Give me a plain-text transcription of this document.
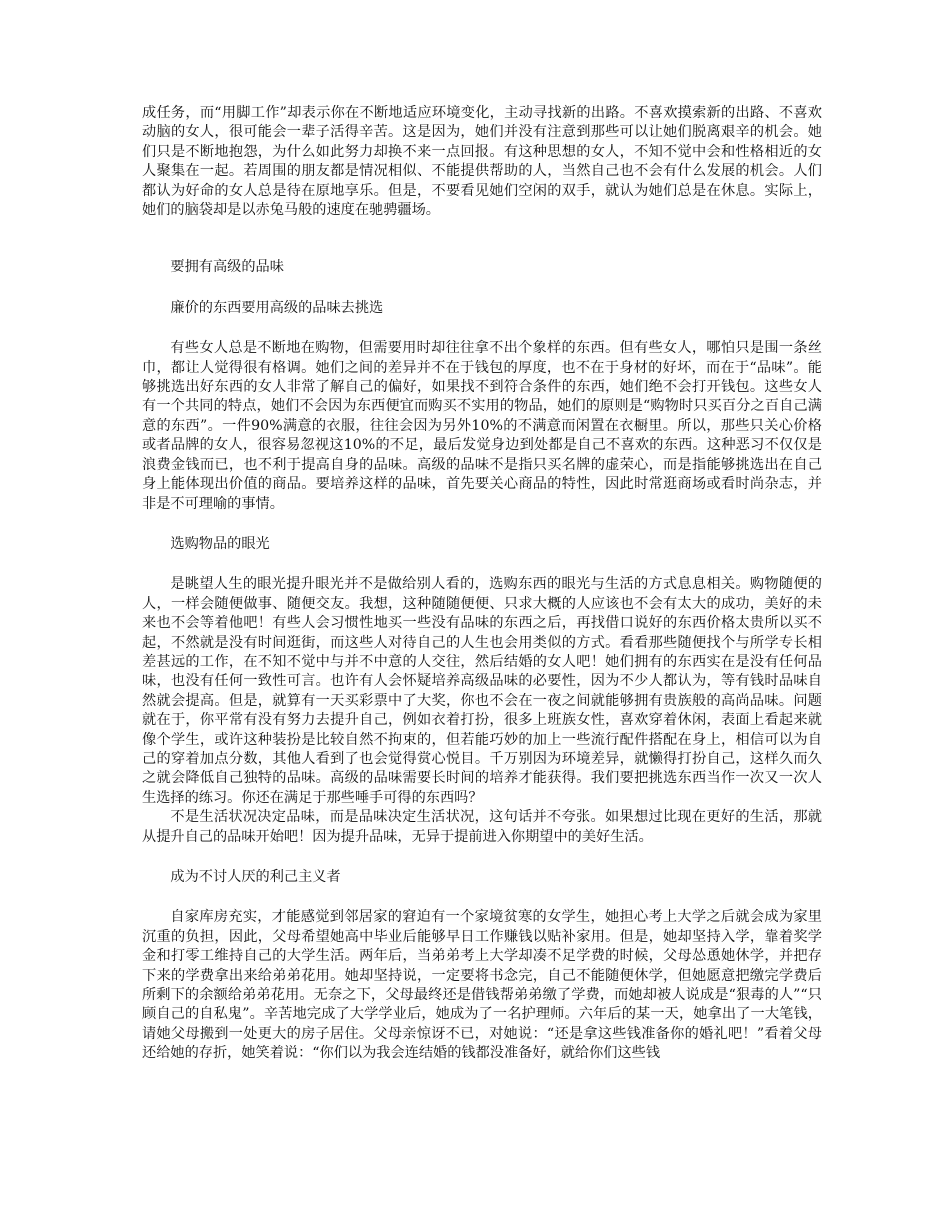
成任务，而“用脚工作”却表示你在不断地适应环境变化，主动寻找新的出路。不喜欢摸索新的出路、不喜欢动脑的女人，很可能会一辈子活得辛苦。这是因为，她们并没有注意到那些可以让她们脱离艰辛的机会。她们只是不断地抱怨，为什么如此努力却换不来一点回报。有这种思想的女人，不知不觉中会和性格相近的女人聚集在一起。若周围的朋友都是情况相似、不能提供帮助的人，当然自己也不会有什么发展的机会。人们都认为好命的女人总是待在原地享乐。但是，不要看见她们空闲的双手，就认为她们总是在休息。实际上，她们的脑袋却是以赤兔马般的速度在驰骋疆场。

要拥有高级的品味

廉价的东西要用高级的品味去挑选

有些女人总是不断地在购物，但需要用时却往往拿不出个象样的东西。但有些女人，哪怕只是围一条丝巾，都让人觉得很有格调。她们之间的差异并不在于钱包的厚度，也不在于身材的好坏，而在于“品味”。能够挑选出好东西的女人非常了解自己的偏好，如果找不到符合条件的东西，她们绝不会打开钱包。这些女人有一个共同的特点，她们不会因为东西便宜而购买不实用的物品，她们的原则是“购物时只买百分之百自己满意的东西”。一件90%满意的衣服，往往会因为另外10%的不满意而闲置在衣橱里。所以，那些只关心价格或者品牌的女人，很容易忽视这10%的不足，最后发觉身边到处都是自己不喜欢的东西。这种恶习不仅仅是浪费金钱而已，也不利于提高自身的品味。高级的品味不是指只买名牌的虚荣心，而是指能够挑选出在自己身上能体现出价值的商品。要培养这样的品味，首先要关心商品的特性，因此时常逛商场或看时尚杂志，并非是不可理喻的事情。

选购物品的眼光

是眺望人生的眼光提升眼光并不是做给别人看的，选购东西的眼光与生活的方式息息相关。购物随便的人，一样会随便做事、随便交友。我想，这种随随便便、只求大概的人应该也不会有太大的成功，美好的未来也不会等着他吧！有些人会习惯性地买一些没有品味的东西之后，再找借口说好的东西价格太贵所以买不起，不然就是没有时间逛街，而这些人对待自己的人生也会用类似的方式。看看那些随便找个与所学专长相差甚远的工作，在不知不觉中与并不中意的人交往，然后结婚的女人吧！她们拥有的东西实在是没有任何品味，也没有任何一致性可言。也许有人会怀疑培养高级品味的必要性，因为不少人都认为，等有钱时品味自然就会提高。但是，就算有一天买彩票中了大奖，你也不会在一夜之间就能够拥有贵族般的高尚品味。问题就在于，你平常有没有努力去提升自己，例如衣着打扮，很多上班族女性，喜欢穿着休闲，表面上看起来就像个学生，或许这种装扮是比较自然不拘束的，但若能巧妙的加上一些流行配件搭配在身上，相信可以为自己的穿着加点分数，其他人看到了也会觉得赏心悦目。千万别因为环境差异，就懒得打扮自己，这样久而久之就会降低自己独特的品味。高级的品味需要长时间的培养才能获得。我们要把挑选东西当作一次又一次人生选择的练习。你还在满足于那些唾手可得的东西吗？

不是生活状况决定品味，而是品味决定生活状况，这句话并不夸张。如果想过比现在更好的生活，那就从提升自己的品味开始吧！因为提升品味，无异于提前进入你期望中的美好生活。

成为不讨人厌的利己主义者

自家库房充实，才能感觉到邻居家的窘迫有一个家境贫寒的女学生，她担心考上大学之后就会成为家里沉重的负担，因此，父母希望她高中毕业后能够早日工作赚钱以贴补家用。但是，她却坚持入学，靠着奖学金和打零工维持自己的大学生活。两年后，当弟弟考上大学却凑不足学费的时候，父母怂恿她休学，并把存下来的学费拿出来给弟弟花用。她却坚持说，一定要将书念完，自己不能随便休学，但她愿意把缴完学费后所剩下的余额给弟弟花用。无奈之下，父母最终还是借钱帮弟弟缴了学费，而她却被人说成是“狠毒的人”“只顾自己的自私鬼”。辛苦地完成了大学学业后，她成为了一名护理师。六年后的某一天，她拿出了一大笔钱，请她父母搬到一处更大的房子居住。父母亲惊讶不已，对她说：“还是拿这些钱准备你的婚礼吧！”看着父母还给她的存折，她笑着说：“你们以为我会连结婚的钱都没准备好，就给你们这些钱
